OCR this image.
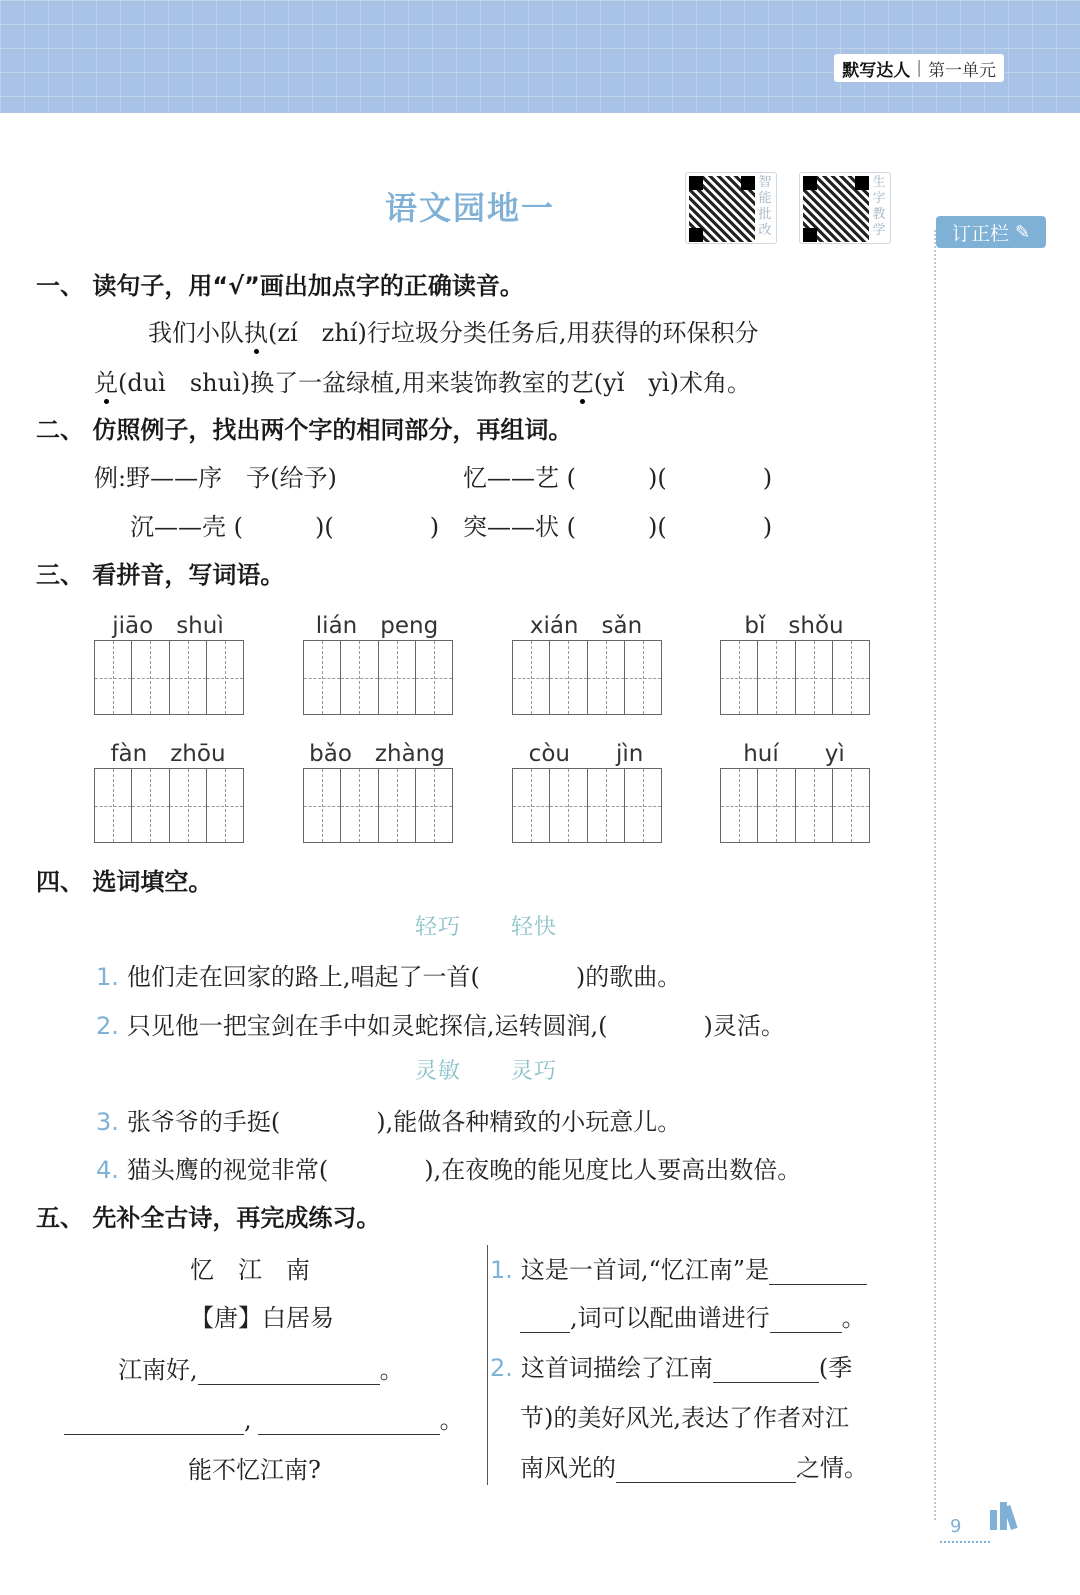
默写达人 | 第一单元
语文园地一
智
能
批
改
生
字
教
学	订正栏 ✎
一、 读句子，用“√”画出加点字的正确读音。
我们小队执(zí　zhí)行垃圾分类任务后,用获得的环保积分
兑(duì　shuì)换了一盆绿植,用来装饰教室的艺(yǐ　yì)术角。
二、 仿照例子，找出两个字的相同部分，再组词。
例:野——序　予(给予)	忆——艺 (　　　)(　　　　)
沉——壳 (　　　)(　　　　) 突——状 (　　　)(　　　　)
三、 看拼音，写词语。
jiāo　shuì	lián　peng	xián　sǎn	bǐ　shǒu
fàn　zhōu	bǎo　zhàng	còu　　jìn	huí　　yì
四、 选词填空。
轻巧 轻快
1. 他们走在回家的路上,唱起了一首(　　　　)的歌曲。
2. 只见他一把宝剑在手中如灵蛇探信,运转圆润,(　　　　)灵活。
灵敏 灵巧
3. 张爷爷的手挺(　　　　),能做各种精致的小玩意儿。
4. 猫头鹰的视觉非常(　　　　),在夜晚的能见度比人要高出数倍。
五、 先补全古诗，再完成练习。
忆　江　南
【唐】白居易
江南好,	。
,	。
能不忆江南?
1. 这是一首词,“忆江南”是
,词可以配曲谱进行	。
2. 这首词描绘了江南	(季
节)的美好风光,表达了作者对江
南风光的	之情。
9
